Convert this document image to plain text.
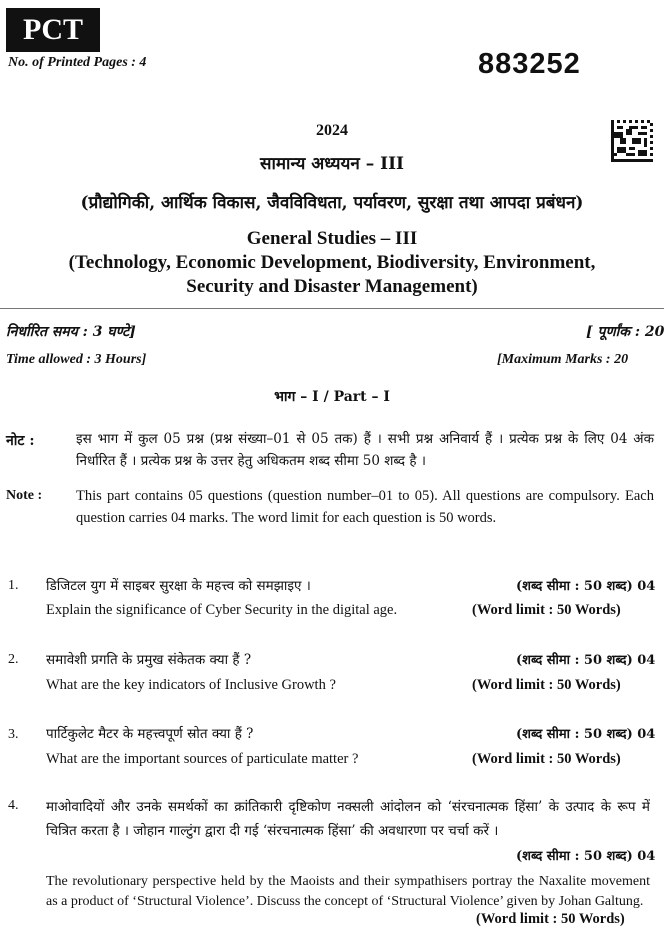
PCT
No. of Printed Pages : 4	883252
2024
सामान्य अध्ययन – III
(प्रौद्योगिकी, आर्थिक विकास, जैवविविधता, पर्यावरण, सुरक्षा तथा आपदा प्रबंधन)
General Studies – III
(Technology, Economic Development, Biodiversity, Environment,
Security and Disaster Management)
निर्धारित समय : 3 घण्टे]	[ पूर्णांक : 20
Time allowed : 3 Hours]	[Maximum Marks : 20
भाग – I / Part – I
नोट :	इस भाग में कुल 05 प्रश्न (प्रश्न संख्या–01 से 05 तक) हैं । सभी प्रश्न अनिवार्य हैं । प्रत्येक प्रश्न के लिए 04 अंक निर्धारित हैं । प्रत्येक प्रश्न के उत्तर हेतु अधिकतम शब्द सीमा 50 शब्द है ।
Note : This part contains 05 questions (question number–01 to 05). All questions are compulsory. Each question carries 04 marks. The word limit for each question is 50 words.
1. डिजिटल युग में साइबर सुरक्षा के महत्त्व को समझाइए ।	(शब्द सीमा : 50 शब्द) 04
Explain the significance of Cyber Security in the digital age.	(Word limit : 50 Words)
2. समावेशी प्रगति के प्रमुख संकेतक क्या हैं ?	(शब्द सीमा : 50 शब्द) 04
What are the key indicators of Inclusive Growth ?	(Word limit : 50 Words)
3. पार्टिकुलेट मैटर के महत्त्वपूर्ण स्रोत क्या हैं ?	(शब्द सीमा : 50 शब्द) 04
What are the important sources of particulate matter ?	(Word limit : 50 Words)
4. माओवादियों और उनके समर्थकों का क्रांतिकारी दृष्टिकोण नक्सली आंदोलन को ‘संरचनात्मक हिंसा’ के उत्पाद के रूप में चित्रित करता है । जोहान गाल्टुंग द्वारा दी गई ‘संरचनात्मक हिंसा’ की अवधारणा पर चर्चा करें ।
(शब्द सीमा : 50 शब्द) 04
The revolutionary perspective held by the Maoists and their sympathisers portray the Naxalite movement as a product of ‘Structural Violence’. Discuss the concept of ‘Structural Violence’ given by Johan Galtung.
(Word limit : 50 Words)
